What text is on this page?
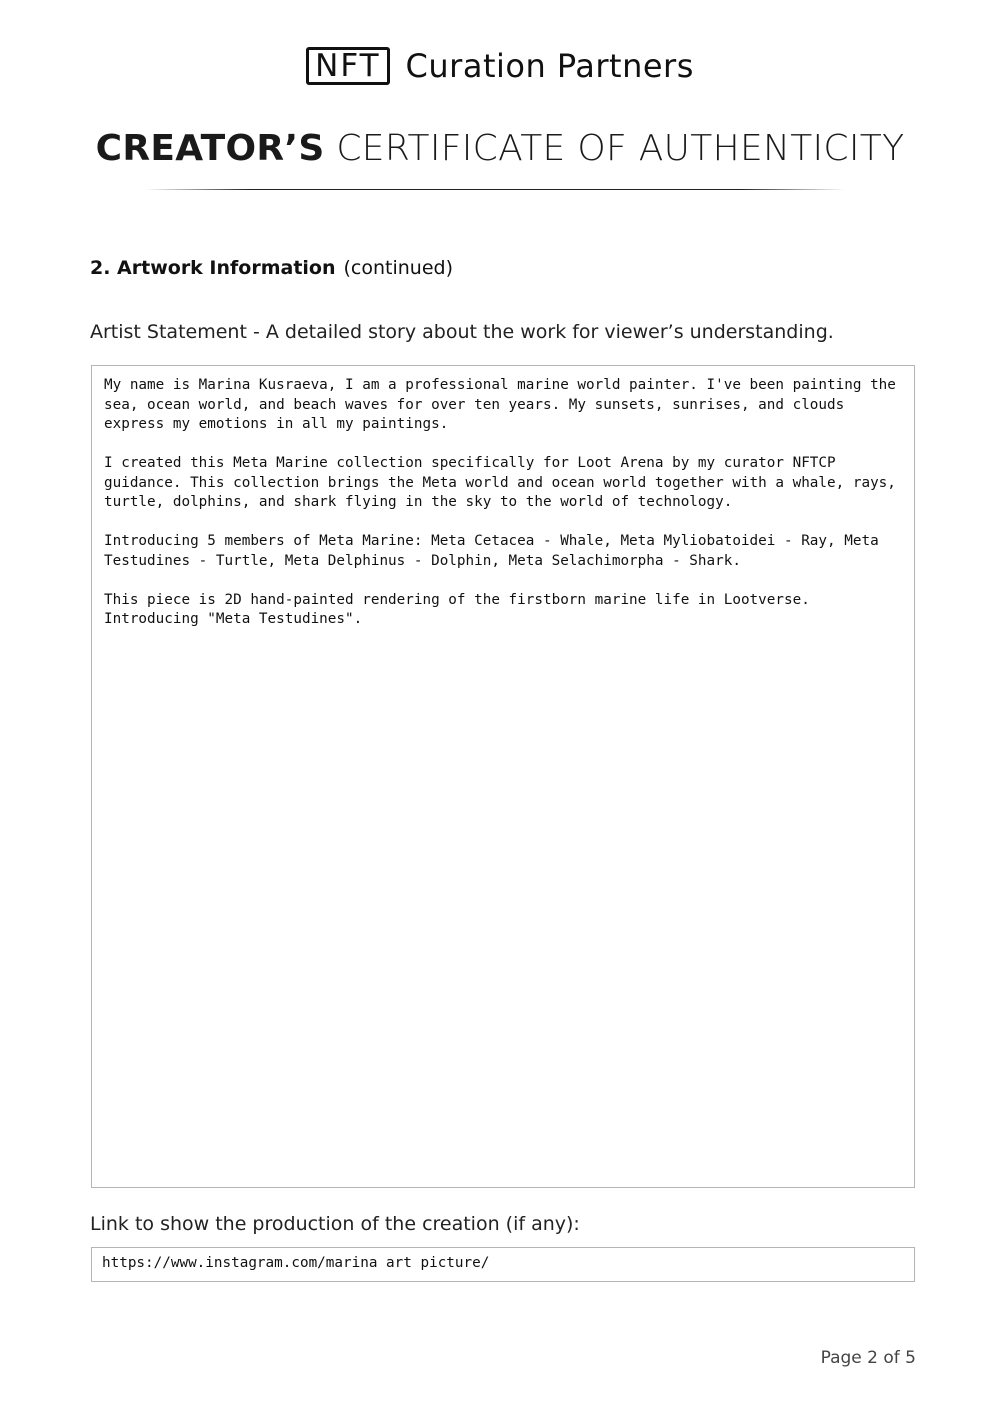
NFT Curation Partners
CREATOR’S CERTIFICATE OF AUTHENTICITY
2. Artwork Information (continued)
Artist Statement - A detailed story about the work for viewer’s understanding.

My name is Marina Kusraeva, I am a professional marine world painter. I've been painting the sea, ocean world, and beach waves for over ten years. My sunsets, sunrises, and clouds express my emotions in all my paintings.

I created this Meta Marine collection specifically for Loot Arena by my curator NFTCP guidance. This collection brings the Meta world and ocean world together with a whale, rays, turtle, dolphins, and shark flying in the sky to the world of technology.

Introducing 5 members of Meta Marine: Meta Cetacea - Whale, Meta Myliobatoidei - Ray, Meta Testudines - Turtle, Meta Delphinus - Dolphin, Meta Selachimorpha - Shark.

This piece is 2D hand-painted rendering of the firstborn marine life in Lootverse.
Introducing "Meta Testudines".

Link to show the production of the creation (if any):
https://www.instagram.com/marina art picture/
Page 2 of 5
